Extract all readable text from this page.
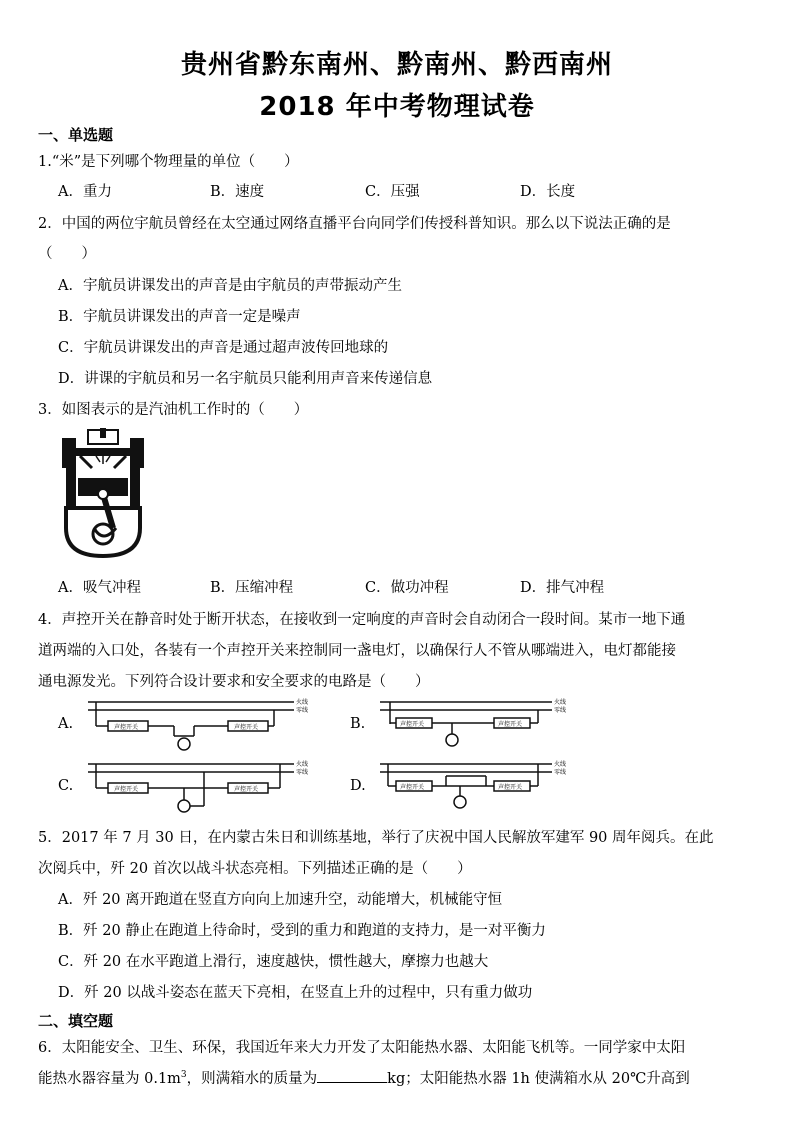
贵州省黔东南州、黔南州、黔西南州
2018 年中考物理试卷
一、单选题
1.“米”是下列哪个物理量的单位（　　）
A．重力	B．速度	C．压强	D．长度
2．中国的两位宇航员曾经在太空通过网络直播平台向同学们传授科普知识。那么以下说法正确的是
（　　）
A．宇航员讲课发出的声音是由宇航员的声带振动产生
B．宇航员讲课发出的声音一定是噪声
C．宇航员讲课发出的声音是通过超声波传回地球的
D．讲课的宇航员和另一名宇航员只能利用声音来传递信息
3．如图表示的是汽油机工作时的（　　）
A．吸气冲程	B．压缩冲程	C．做功冲程	D．排气冲程
4．声控开关在静音时处于断开状态，在接收到一定响度的声音时会自动闭合一段时间。某市一地下通
道两端的入口处，各装有一个声控开关来控制同一盏电灯，以确保行人不管从哪端进入，电灯都能接
通电源发光。下列符合设计要求和安全要求的电路是（　　）
A.	B.
C.	D.
火线
零线
声控开关	声控开关
火线
零线
声控开关	声控开关
火线
零线
声控开关	声控开关
火线
零线
声控开关	声控开关
5．2017 年 7 月 30 日，在内蒙古朱日和训练基地，举行了庆祝中国人民解放军建军 90 周年阅兵。在此
次阅兵中，歼 20 首次以战斗状态亮相。下列描述正确的是（　　）
A．歼 20 离开跑道在竖直方向向上加速升空，动能增大，机械能守恒
B．歼 20 静止在跑道上待命时，受到的重力和跑道的支持力，是一对平衡力
C．歼 20 在水平跑道上滑行，速度越快，惯性越大，摩擦力也越大
D．歼 20 以战斗姿态在蓝天下亮相，在竖直上升的过程中，只有重力做功
二、填空题
6．太阳能安全、卫生、环保，我国近年来大力开发了太阳能热水器、太阳能飞机等。一同学家中太阳
能热水器容量为 $0.1m^3$，则满箱水的质量为	kg；太阳能热水器 1h 使满箱水从 20℃升高到
